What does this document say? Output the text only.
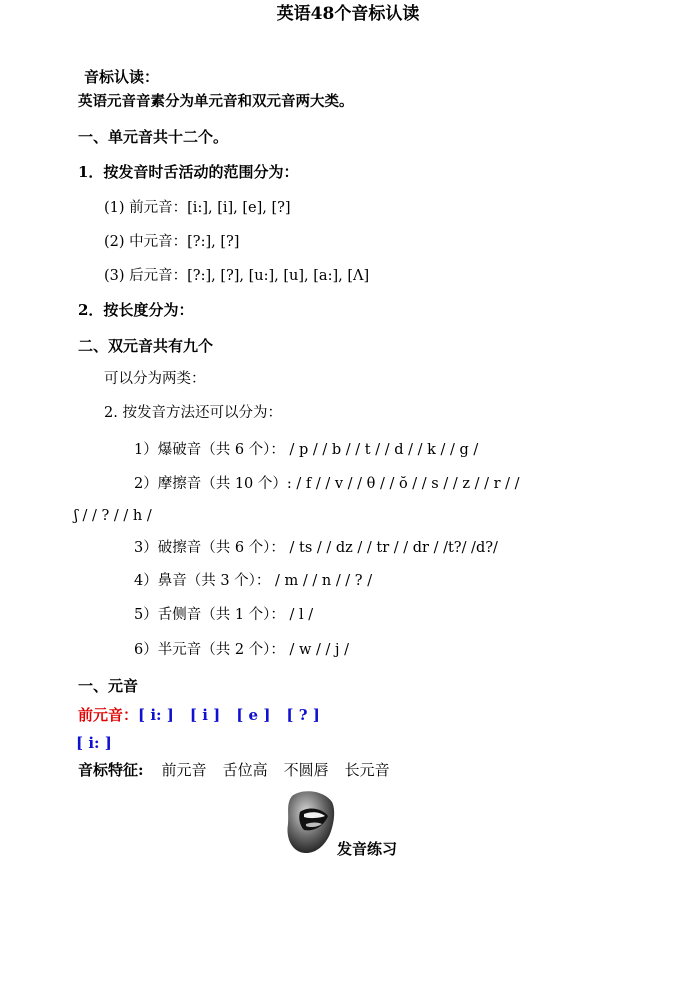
英语48个音标认读
音标认读：
英语元音音素分为单元音和双元音两大类。
一、单元音共十二个。
1．按发音时舌活动的范围分为：
(1) 前元音：[i:], [i], [e], [?]
(2) 中元音：[?:], [?]
(3) 后元音：[?:], [?], [u:], [u], [a:], [Λ]
2．按长度分为：
二、双元音共有九个
可以分为两类：
2. 按发音方法还可以分为：
1）爆破音（共 6 个）： / p / / b / / t / / d / / k / / g /
2）摩擦音（共 10 个）: / f / / v / / θ / / ŏ / / s / / z / / r / /
ʃ / / ? / / h /
3）破擦音（共 6 个）： / ts / / dz / / tr / / dr / /t?/ /d?/
4）鼻音（共 3 个）： / m / / n / / ? /
5）舌侧音（共 1 个）： / l /
6）半元音（共 2 个）： / w / / j /
一、元音
前元音： [ i: ] [ i ] [ e ] [ ? ]
[ i: ]
音标特征: 前元音 舌位高 不圆唇 长元音
发音练习
